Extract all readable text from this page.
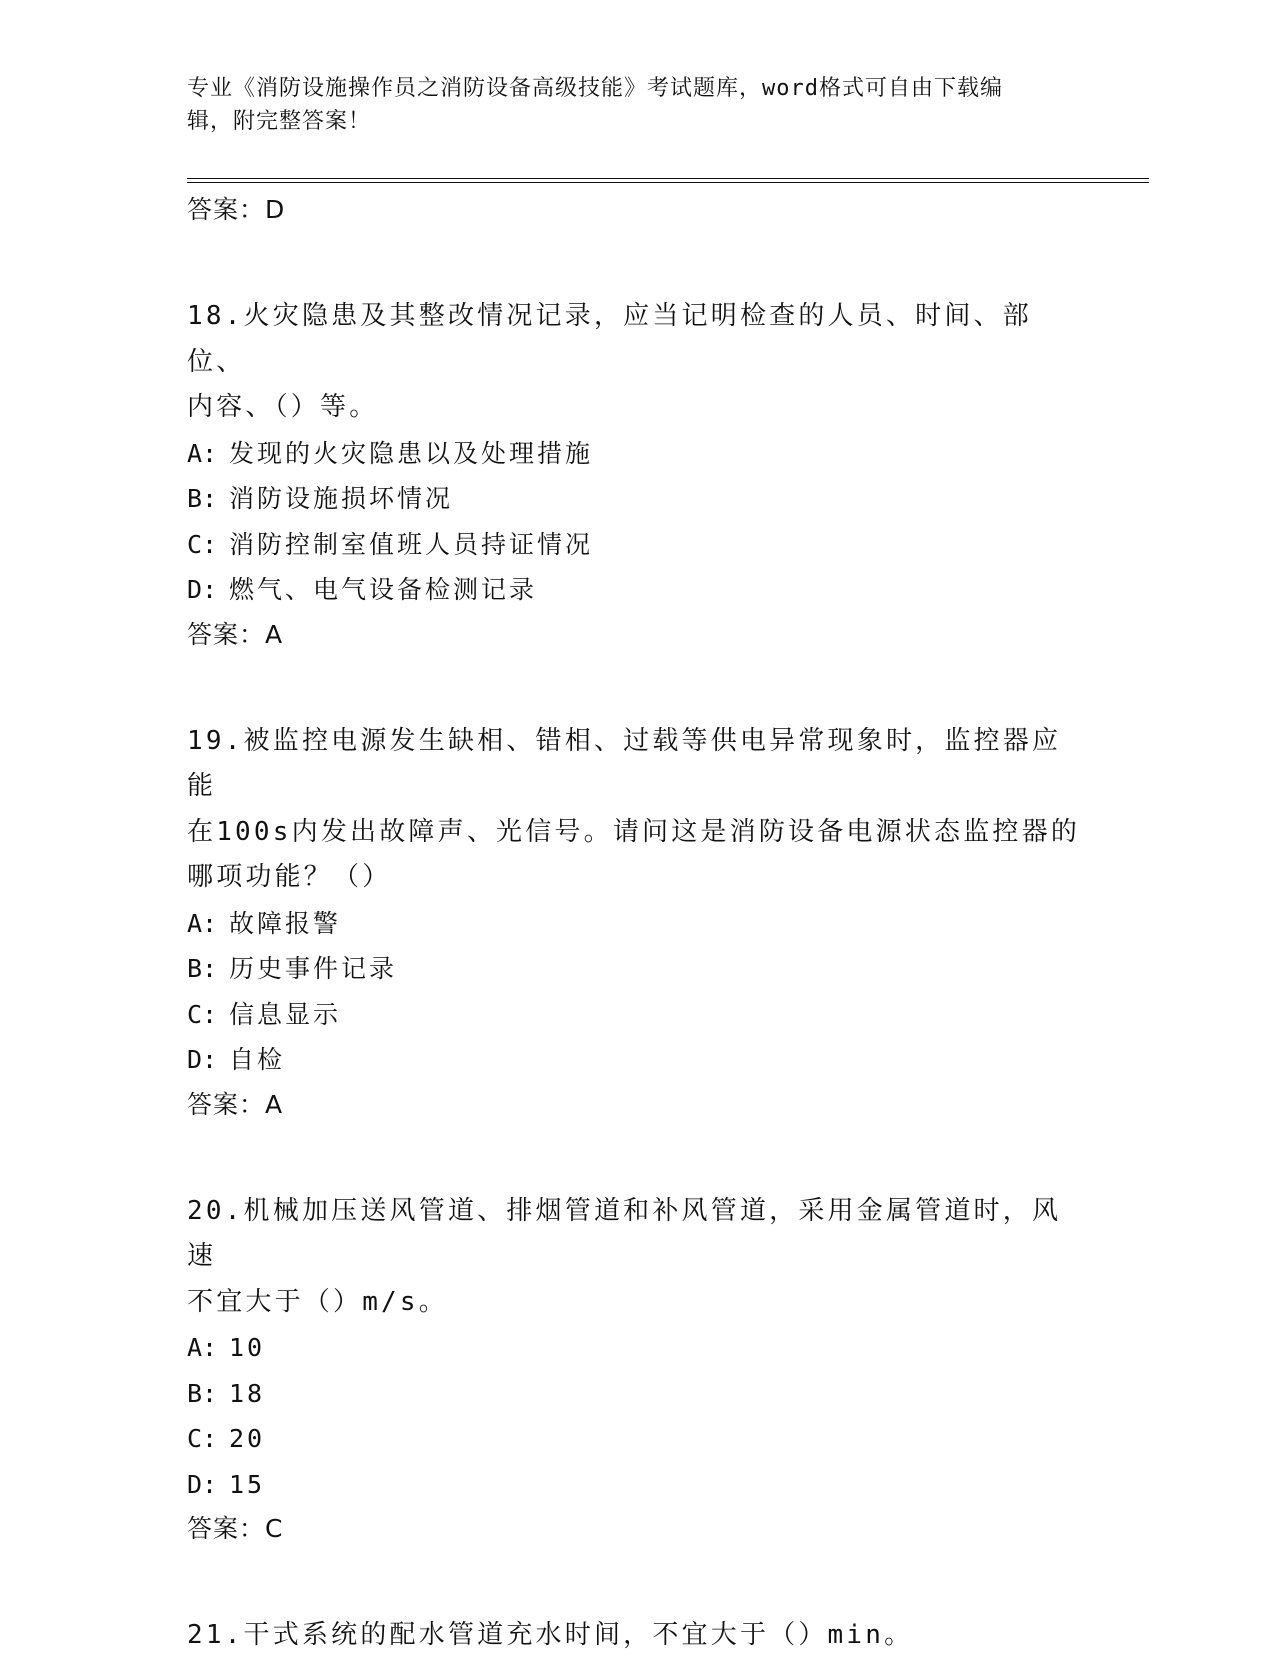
专业《消防设施操作员之消防设备高级技能》考试题库，word格式可自由下载编
辑，附完整答案！
答案：D
18.火灾隐患及其整改情况记录，应当记明检查的人员、时间、部位、
内容、（）等。
A: 发现的火灾隐患以及处理措施
B: 消防设施损坏情况
C: 消防控制室值班人员持证情况
D: 燃气、电气设备检测记录
答案：A
19.被监控电源发生缺相、错相、过载等供电异常现象时，监控器应能
在100s内发出故障声、光信号。请问这是消防设备电源状态监控器的
哪项功能？（）
A: 故障报警
B: 历史事件记录
C: 信息显示
D: 自检
答案：A
20.机械加压送风管道、排烟管道和补风管道，采用金属管道时，风速
不宜大于（）m/s。
A: 10
B: 18
C: 20
D: 15
答案：C
21.干式系统的配水管道充水时间，不宜大于（）min。
